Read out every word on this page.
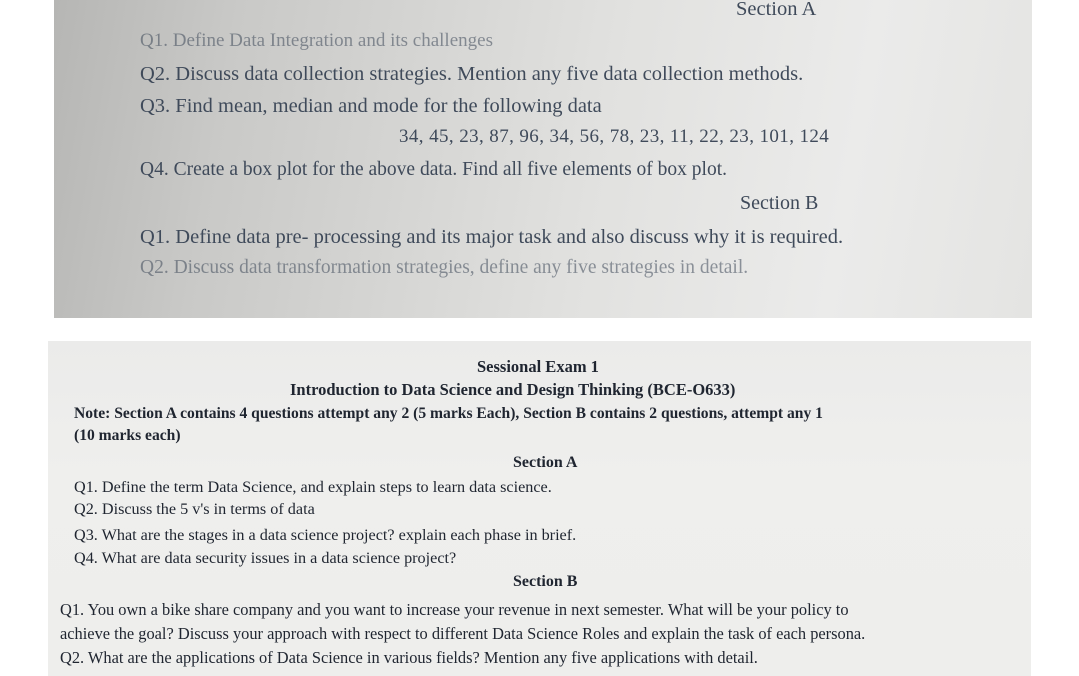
Section A
Q1. Define Data Integration and its challenges
Q2. Discuss data collection strategies. Mention any five data collection methods.
Q3. Find mean, median and mode for the following data
34, 45, 23, 87, 96, 34, 56, 78, 23, 11, 22, 23, 101, 124
Q4. Create a box plot for the above data. Find all five elements of box plot.
Section B
Q1. Define data pre- processing and its major task and also discuss why it is required.
Q2. Discuss data transformation strategies, define any five strategies in detail.
Sessional Exam 1
Introduction to Data Science and Design Thinking (BCE-O633)
Note: Section A contains 4 questions attempt any 2 (5 marks Each), Section B contains 2 questions, attempt any 1
(10 marks each)
Section A
Q1. Define the term Data Science, and explain steps to learn data science.
Q2. Discuss the 5 v's in terms of data
Q3. What are the stages in a data science project? explain each phase in brief.
Q4. What are data security issues in a data science project?
Section B
Q1. You own a bike share company and you want to increase your revenue in next semester. What will be your policy to
achieve the goal? Discuss your approach with respect to different Data Science Roles and explain the task of each persona.
Q2. What are the applications of Data Science in various fields? Mention any five applications with detail.
